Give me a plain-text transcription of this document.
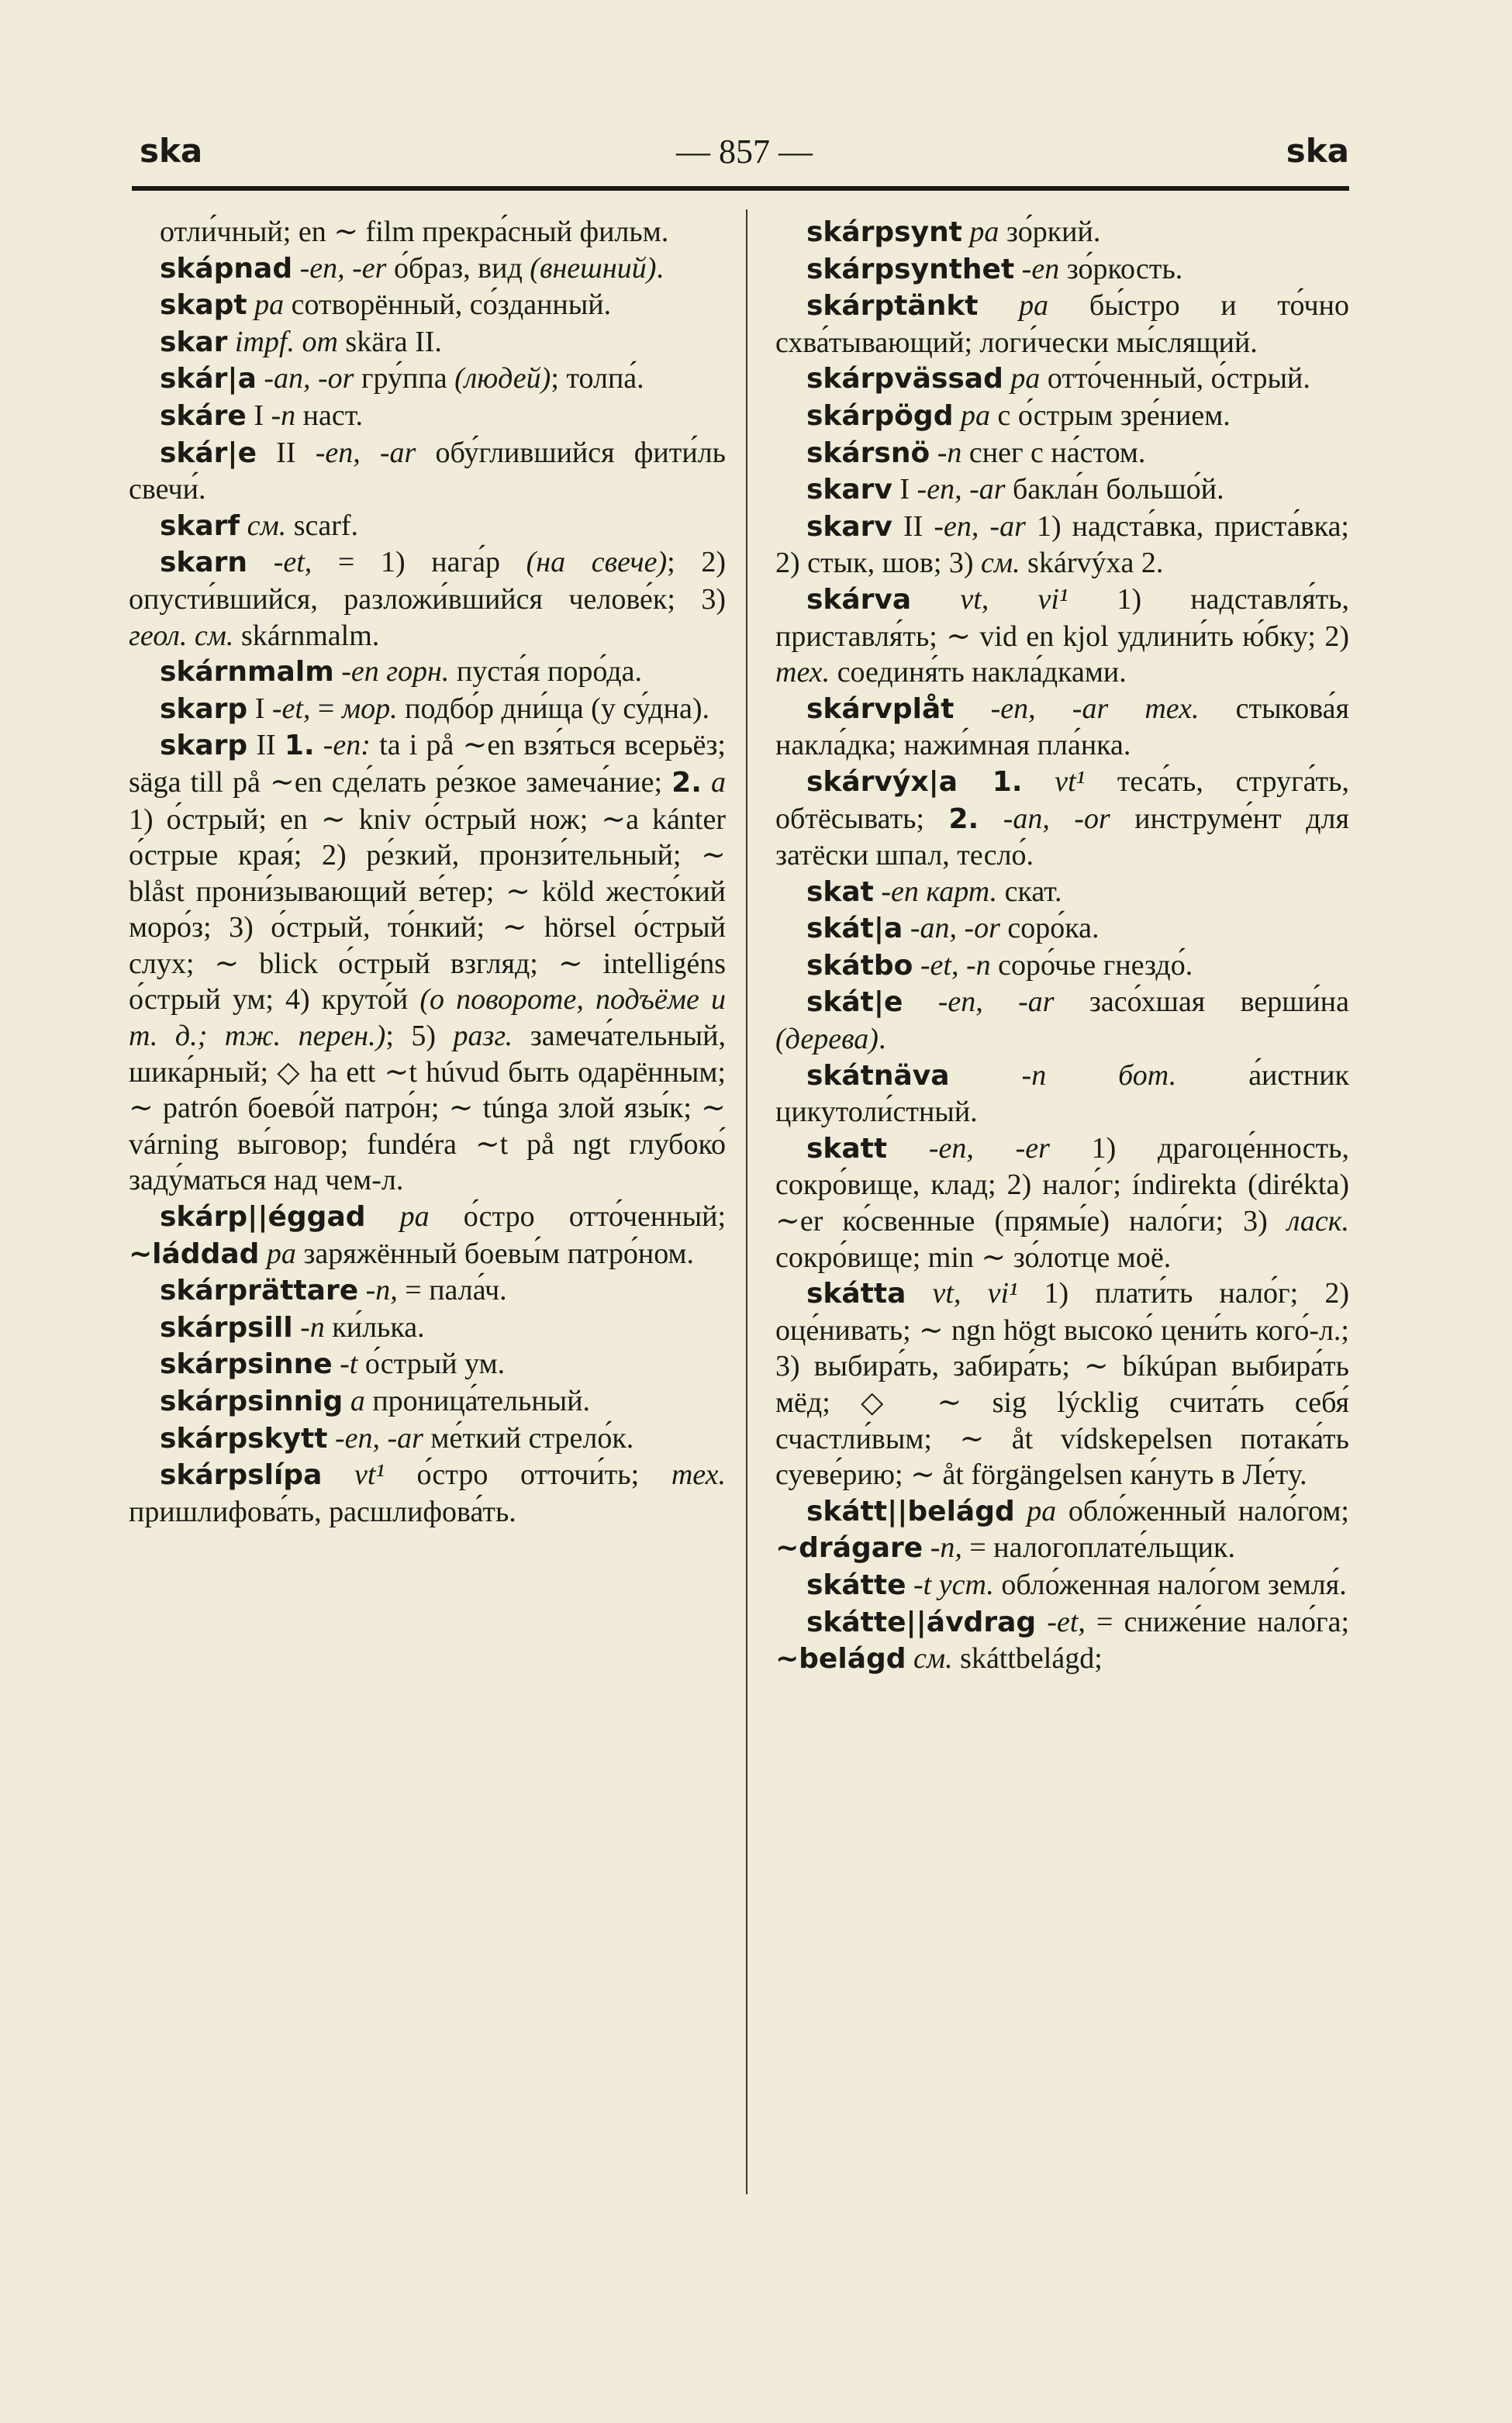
ska	— 857 —	ska

отли́чный; en ∼ film прекра́сный фильм.

skápnad -en, -er о́браз, вид (внешний).

skapt pa сотворённый, со́зданный.

skar impf. от skära II.

skár|a -an, -or гру́ппа (людей); толпа́.

skáre I -n наст.

skár|e II -en, -ar обу́глившийся фити́ль свечи́.

skarf см. scarf.

skarn -et, = 1) нага́р (на свече); 2) опусти́вшийся, разложи́вшийся челове́к; 3) геол. см. skárnmalm.

skárnmalm -en горн. пуста́я поро́да.

skarp I -et, = мор. подбо́р дни́ща (у су́дна).

skarp II 1. -en: ta i på ∼en взя́ться всерьёз; säga till på ∼en сде́лать ре́зкое замеча́ние; 2. a 1) о́стрый; en ∼ kniv о́стрый нож; ∼a kánter о́стрые края́; 2) ре́зкий, пронзи́тельный; ∼ blåst прони́зывающий ве́тер; ∼ köld жесто́кий моро́з; 3) о́стрый, то́нкий; ∼ hörsel о́стрый слух; ∼ blick о́стрый взгляд; ∼ intelligéns о́стрый ум; 4) круто́й (о повороте, подъёме и т. д.; тж. перен.); 5) разг. замеча́тельный, шика́рный; ◇ ha ett ∼t húvud быть одарённым; ∼ patrón боево́й патро́н; ∼ túnga злой язы́к; ∼ várning вы́говор; fundéra ∼t på ngt глубоко́ заду́маться над чем-л.

skárp||éggad pa о́стро отто́ченный; ∼láddad pa заряжённый боевы́м патро́ном.

skárprättare -n, = пала́ч.

skárpsill -n ки́лька.

skárpsinne -t о́стрый ум.

skárpsinnig a проница́тельный.

skárpskytt -en, -ar ме́ткий стрело́к.

skárpslípa vt¹ о́стро отточи́ть; тех. пришлифова́ть, расшлифова́ть.

skárpsynt pa зо́ркий.

skárpsynthet -en зо́ркость.

skárptänkt pa бы́стро и то́чно схва́тывающий; логи́чески мы́слящий.

skárpvässad pa отто́ченный, о́стрый.

skárpögd pa с о́стрым зре́нием.

skársnö -n снег с на́стом.

skarv I -en, -ar бакла́н большо́й.

skarv II -en, -ar 1) надста́вка, приста́вка; 2) стык, шов; 3) см. skárvýxa 2.

skárva vt, vi¹ 1) надставля́ть, приставля́ть; ∼ vid en kjol удлини́ть ю́бку; 2) тех. соединя́ть накла́дками.

skárvplåt -en, -ar тех. стыкова́я накла́дка; нажи́мная пла́нка.

skárvýx|a 1. vt¹ теса́ть, струга́ть, обтёсывать; 2. -an, -or инструме́нт для затёски шпал, тесло́.

skat -en карт. скат.

skát|a -an, -or соро́ка.

skátbo -et, -n соро́чье гнездо́.

skát|e -en, -ar засо́хшая верши́на (дерева).

skátnäva -n бот. а́истник цикутоли́стный.

skatt -en, -er 1) драгоце́нность, сокро́вище, клад; 2) нало́г; índirekta (dirékta) ∼er ко́свенные (прямы́е) нало́ги; 3) ласк. сокро́вище; min ∼ зо́лотце моё.

skátta vt, vi¹ 1) плати́ть нало́г; 2) оце́нивать; ∼ ngn högt высоко́ цени́ть кого́-л.; 3) выбира́ть, забира́ть; ∼ bíkúpan выбира́ть мёд; ◇ ∼ sig lýcklig счита́ть себя́ счастли́вым; ∼ åt vídskepelsen потака́ть суеве́рию; ∼ åt förgängelsen ка́нуть в Ле́ту.

skátt||belágd pa обло́женный нало́гом; ∼drágare -n, = налогоплате́льщик.

skátte -t уст. обло́женная нало́гом земля́.

skátte||ávdrag -et, = сниже́ние нало́га; ∼belágd см. skáttbelágd;
